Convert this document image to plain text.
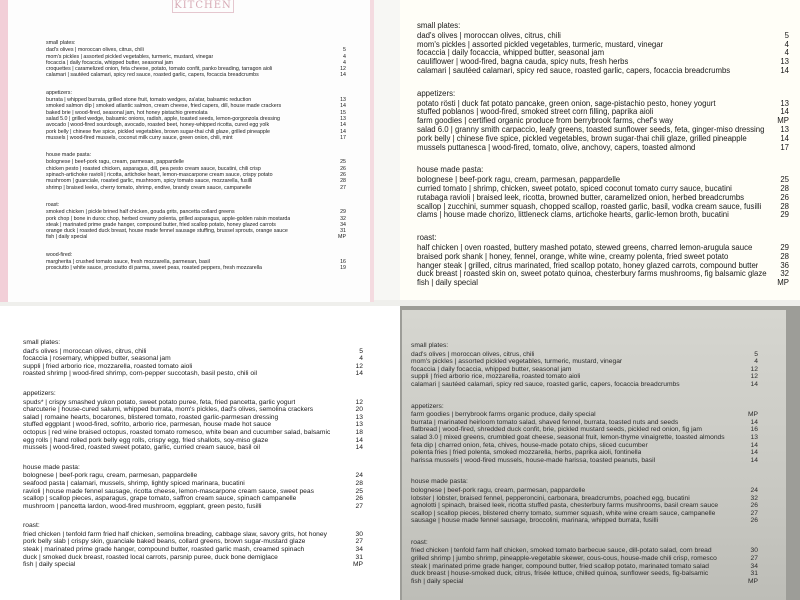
KITCHEN
small plates:
dad's olives | moroccan olives, citrus, chili	5
mom's pickles | assorted pickled vegetables, turmeric, mustard, vinegar	4
focaccia | daily focaccia, whipped butter, seasonal jam	4
croquettes | caramelized onion, feta cheese, potato, tomato confit, panko breading, tarragon aioli	12
calamari | sautéed calamari, spicy red sauce, roasted garlic, capers, focaccia breadcrumbs	14
appetizers:
burrata | whipped burrata, grilled stone fruit, tomato wedges, za'atar, balsamic reduction	13
smoked salmon dip | smoked atlantic salmon, cream cheese, fried capers, dill, house made crackers	14
baked brie | wood-fired, seasonal jam, hot honey pistachio gremolata	15
salad 5.0 | grilled wedge, balsamic onions, radish, apple, toasted seeds, lemon-gorgonzola dressing	13
avocado | wood-fired sourdough, avocado, roasted beet, honey-whipped ricotta, cured egg yolk	14
pork belly | chinese five spice, pickled vegetables, brown sugar-thai chili glaze, grilled pineapple	14
mussels | wood-fired mussels, coconut milk curry sauce, green onion, chili, mint	17
house made pasta:
bolognese | beef-pork ragu, cream, parmesan, pappardelle	25
chicken pesto | roasted chicken, asparagus, dill, pea pesto cream sauce, bucatini, chili crisp	26
spinach-artichoke ravioli | ricotta, artichoke heart, lemon-mascarpone cream sauce, crispy potato	26
mushroom | guanciale, roasted garlic, mushroom, spicy tomato sauce, mozzarella, fusilli	28
shrimp | braised leeks, cherry tomato, shrimp, endive, brandy cream sauce, campanelle	27
roast:
smoked chicken | pickle brined half chicken, gouda grits, pancetta collard greens	29
pork chop | bone in duroc chop, herbed creamy polenta, grilled asparagus, apple-golden raisin mostarda	32
steak | marinated prime grade hanger, compound butter, fried scallop potato, honey glazed carrots	34
orange duck | roasted duck breast, house made fennel sausage stuffing, brussel sprouts, orange sauce	31
fish | daily special	MP
wood-fired:
margherita | crushed tomato sauce, fresh mozzarella, parmesan, basil	16
prosciutto | white sauce, prosciutto di parma, sweet peas, roasted peppers, fresh mozzarella	19
small plates:
dad's olives | moroccan olives, citrus, chili	5
mom's pickles | assorted pickled vegetables, turmeric, mustard, vinegar	4
focaccia | daily focaccia, whipped butter, seasonal jam	4
cauliflower | wood-fired, bagna cauda, spicy nuts, fresh herbs	13
calamari | sautéed calamari, spicy red sauce, roasted garlic, capers, focaccia breadcrumbs	14
appetizers:
potato rösti | duck fat potato pancake, green onion, sage-pistachio pesto, honey yogurt	13
stuffed poblanos | wood-fired, smoked street corn filling, paprika aioli	14
farm goodies | certified organic produce from berrybrook farms, chef's way	MP
salad 6.0 | granny smith carpaccio, leafy greens, toasted sunflower seeds, feta, ginger-miso dressing	13
pork belly | chinese five spice, pickled vegetables, brown sugar-thai chili glaze, grilled pineapple	14
mussels puttanesca | wood-fired, tomato, olive, anchovy, capers, toasted almond	17
house made pasta:
bolognese | beef-pork ragu, cream, parmesan, pappardelle	25
curried tomato | shrimp, chicken, sweet potato, spiced coconut tomato curry sauce, bucatini	28
rutabaga ravioli | braised leek, ricotta, browned butter, caramelized onion, herbed breadcrumbs	26
scallop | zucchini, summer squash, chopped scallop, roasted garlic, basil, vodka cream sauce, fusilli	28
clams | house made chorizo, littleneck clams, artichoke hearts, garlic-lemon broth, bucatini	29
roast:
half chicken | oven roasted, buttery mashed potato, stewed greens, charred lemon-arugula sauce	29
braised pork shank | honey, fennel, orange, white wine, creamy polenta, fried sweet potato	28
hanger steak | grilled, citrus marinated, fried scallop potato, honey glazed carrots, compound butter	36
duck breast | roasted skin on, sweet potato quinoa, chesterbury farms mushrooms, fig balsamic glaze	32
fish | daily special	MP
small plates:
dad's olives | moroccan olives, citrus, chili	5
focaccia | rosemary, whipped butter, seasonal jam	4
suppli | fried arborio rice, mozzarella, roasted tomato aioli	12
roasted shrimp | wood-fired shrimp, corn-pepper succotash, basil pesto, chili oil	14
appetizers:
spuds* | crispy smashed yukon potato, sweet potato puree, feta, fried pancetta, garlic yogurt	12
charcuterie | house-cured salumi, whipped burrata, mom's pickles, dad's olives, semolina crackers	20
salad | romaine hearts, bocarones, blistered tomato, roasted garlic-parmesan dressing	13
stuffed eggplant | wood-fired, sofrito, arborio rice, parmesan, house made hot sauce	13
octopus | red wine braised octopus, roasted tomato romesco, white bean and cucumber salad, balsamic	18
egg rolls | hand rolled pork belly egg rolls, crispy egg, fried shallots, soy-miso glaze	14
mussels | wood-fired, roasted sweet potato, garlic, curried cream sauce, basil oil	14
house made pasta:
bolognese | beef-pork ragu, cream, parmesan, pappardelle	24
seafood pasta | calamari, mussels, shrimp, lightly spiced marinara, bucatini	28
ravioli | house made fennel sausage, ricotta cheese, lemon-mascarpone cream sauce, sweet peas	25
scallop | scallop pieces, asparagus, grape tomato, saffron cream sauce, spinach campanelle	26
mushroom | pancetta lardon, wood-fired mushroom, eggplant, green pesto, fusilli	27
roast:
fried chicken | tenfold farm fried half chicken, semolina breading, cabbage slaw, savory grits, hot honey	30
pork belly slab | crispy skin, guanciale baked beans, collard greens, brown sugar-mustard glaze	27
steak | marinated prime grade hanger, compound butter, roasted garlic mash, creamed spinach	34
duck | smoked duck breast, roasted local carrots, parsnip puree, duck bone demiglace	31
fish | daily special	MP
small plates:
dad's olives | moroccan olives, citrus, chili	5
mom's pickles | assorted pickled vegetables, turmeric, mustard, vinegar	4
focaccia | daily focaccia, whipped butter, seasonal jam	12
suppli | fried arborio rice, mozzarella, roasted tomato aioli	12
calamari | sautéed calamari, spicy red sauce, roasted garlic, capers, focaccia breadcrumbs	14
appetizers:
farm goodies | berrybrook farms organic produce, daily special	MP
burrata | marinated heirloom tomato salad, shaved fennel, burrata, toasted nuts and seeds	14
flatbread | wood-fired, shredded duck confit, brie, pickled mustard seeds, pickled red onion, fig jam	16
salad 3.0 | mixed greens, crumbled goat cheese, seasonal fruit, lemon-thyme vinaigrette, toasted almonds	13
feta dip | charred onion, feta, chives, house-made potato chips, sliced cucumber	14
polenta fries | fried polenta, smoked mozzarella, herbs, paprika aioli, fontinella	14
harissa mussels | wood-fired mussels, house-made harissa, toasted peanuts, basil	14
house made pasta:
bolognese | beef-pork ragu, cream, parmesan, pappardelle	24
lobster | lobster, braised fennel, pepperoncini, carbonara, breadcrumbs, poached egg, bucatini	32
agnolotti | spinach, braised leek, ricotta stuffed pasta, chesterbury farms mushrooms, basil cream sauce	26
scallop | scallop pieces, blistered cherry tomato, summer squash, white wine cream sauce, campanelle	27
sausage | house made fennel sausage, broccolini, marinara, whipped burrata, fusilli	26
roast:
fried chicken | tenfold farm half chicken, smoked tomato barbecue sauce, dill-potato salad, corn bread	30
grilled shrimp | jumbo shrimp, pineapple-vegetable skewer, cous-cous, house-made chili crisp, romesco	27
steak | marinated prime grade hanger, compound butter, fried scallop potato, marinated tomato salad	34
duck breast | house-smoked duck, citrus, frisée lettuce, chilled quinoa, sunflower seeds, fig-balsamic	31
fish | daily special	MP
